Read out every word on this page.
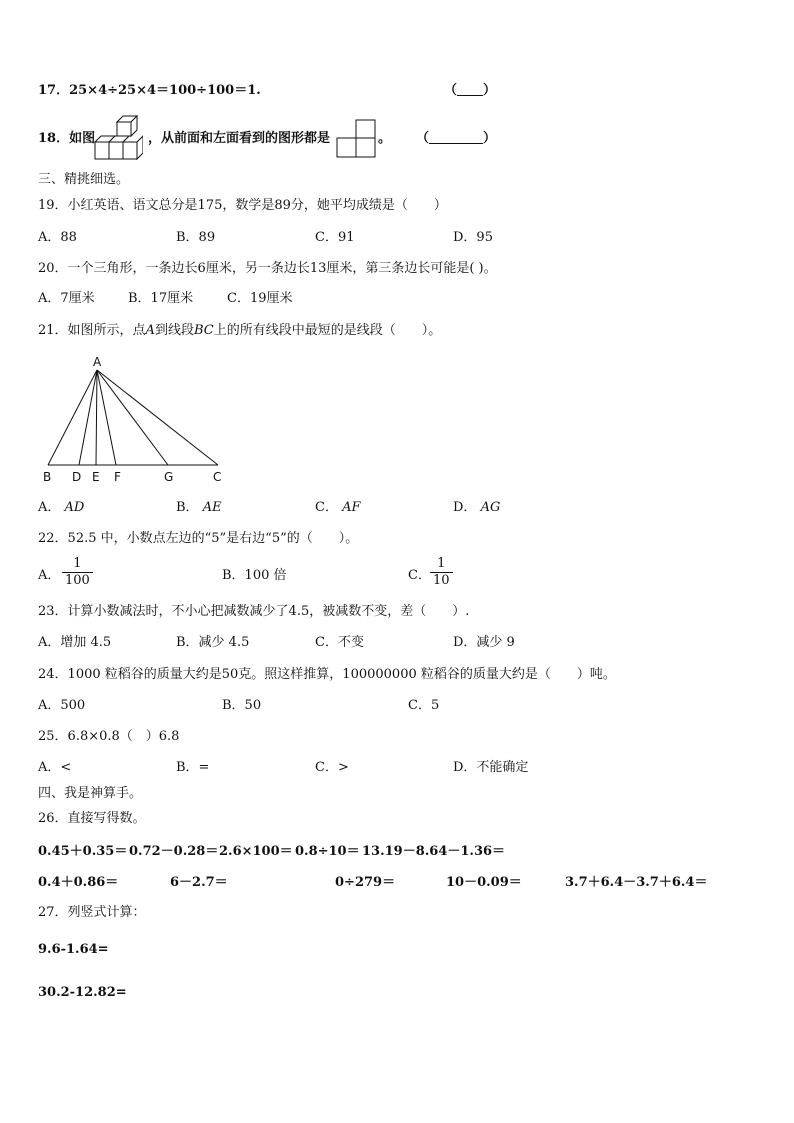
17．25×4÷25×4＝100÷100＝1.	（ ）
18．如图	，从前面和左面看到的图形都是	。 （	）
三、精挑细选。
19．小红英语、语文总分是175，数学是89分，她平均成绩是（　　）
A．88	B．89	C．91	D．95
20．一个三角形，一条边长6厘米，另一条边长13厘米，第三条边长可能是( )。
A．7厘米	B．17厘米	C．19厘米
21．如图所示，点A到线段BC上的所有线段中最短的是线段（　　）。
A
B D E F	G	C
A． AD	B． AE	C． AF	D． AG
22．52.5 中，小数点左边的“5”是右边“5”的（　　）。
A． $\frac{1}{100}$	B．100 倍	C． $\frac{1}{10}$
23．计算小数减法时，不小心把减数减少了4.5，被减数不变，差（　　）.
A．增加 4.5	B．减少 4.5	C．不变	D．减少 9
24．1000 粒稻谷的质量大约是50克。照这样推算，100000000 粒稻谷的质量大约是（　　）吨。
A．500	B．50	C．5
25．6.8×0.8（　）6.8
A．<	B．=	C．>	D．不能确定
四、我是神算手。
26．直接写得数。
0.45＋0.35＝ 0.72－0.28＝ 2.6×100＝ 0.8÷10＝ 13.19－8.64－1.36＝
0.4＋0.86＝	6－2.7＝	0÷279＝	10－0.09＝	3.7＋6.4－3.7＋6.4＝
27．列竖式计算：
9.6-1.64=
30.2-12.82=
